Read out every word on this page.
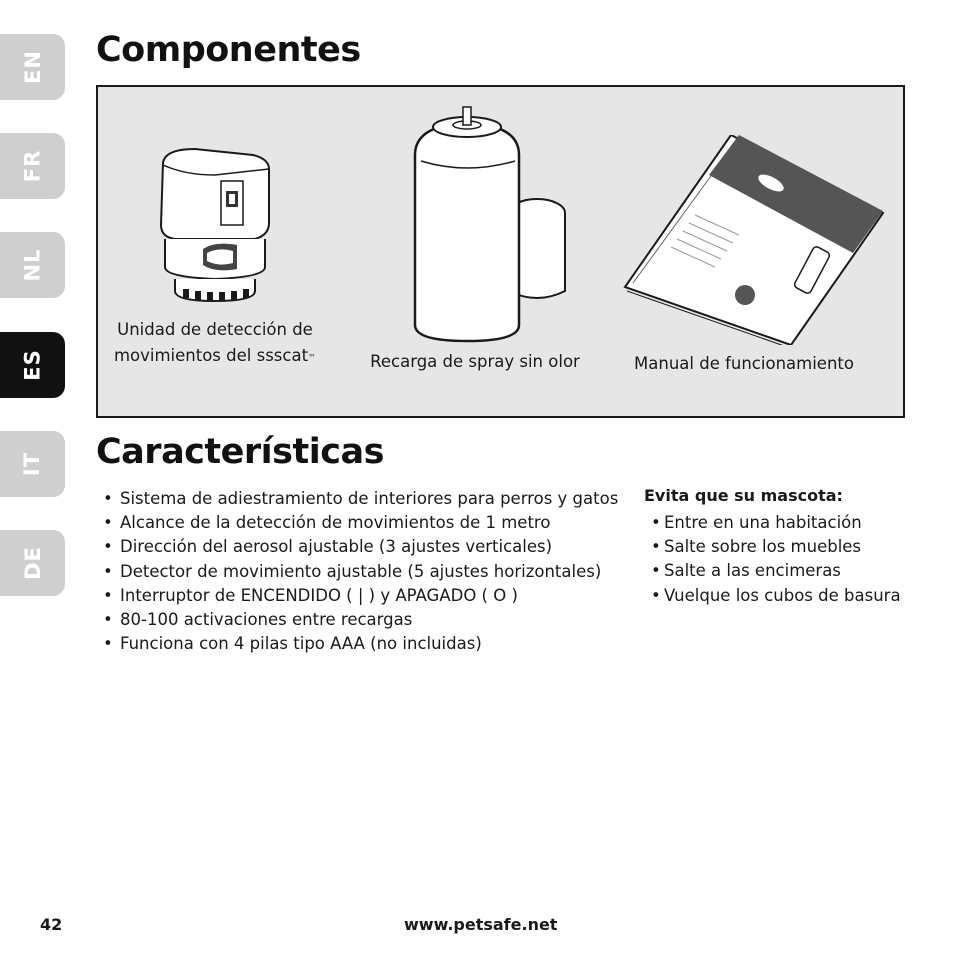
EN
FR
NL
ES
IT
DE
Componentes
Unidad de detección de
movimientos del ssscat™	Recarga de spray sin olor	Manual de funcionamiento
Características
• Sistema de adiestramiento de interiores para perros y gatos
• Alcance de la detección de movimientos de 1 metro
• Dirección del aerosol ajustable (3 ajustes verticales)
• Detector de movimiento ajustable (5 ajustes horizontales)
• Interruptor de ENCENDIDO ( | ) y APAGADO ( O )
• 80-100 activaciones entre recargas
• Funciona con 4 pilas tipo AAA (no incluidas)

Evita que su mascota:

• Entre en una habitación
• Salte sobre los muebles
• Salte a las encimeras
• Vuelque los cubos de basura
42	www.petsafe.net
